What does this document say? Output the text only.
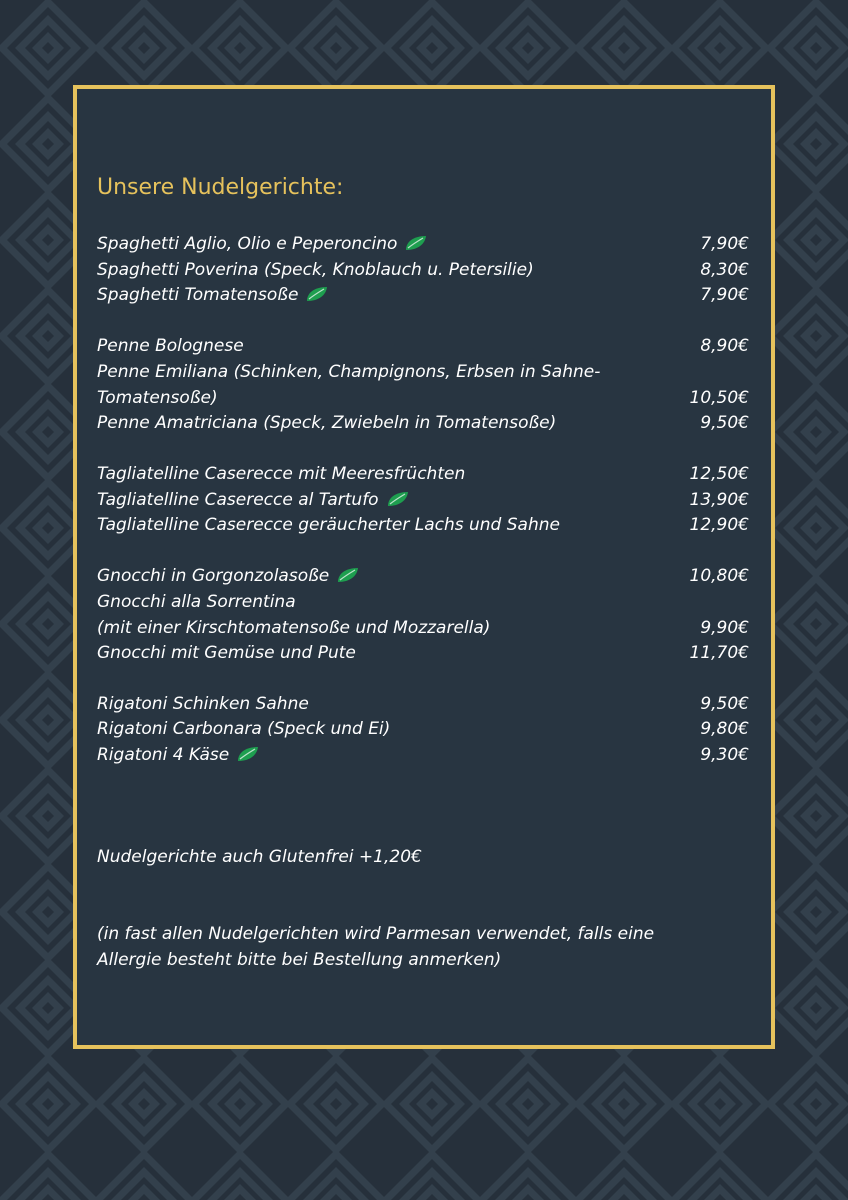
Unsere Nudelgerichte:
Spaghetti Aglio, Olio e Peperoncino	7,90€
Spaghetti Poverina (Speck, Knoblauch u. Petersilie)	8,30€
Spaghetti Tomatensoße	7,90€
Penne Bolognese	8,90€
Penne Emiliana (Schinken, Champignons, Erbsen in Sahne-
Tomatensoße)	10,50€
Penne Amatriciana (Speck, Zwiebeln in Tomatensoße)	9,50€
Tagliatelline Caserecce mit Meeresfrüchten	12,50€
Tagliatelline Caserecce al Tartufo	13,90€
Tagliatelline Caserecce geräucherter Lachs und Sahne	12,90€
Gnocchi in Gorgonzolasoße	10,80€
Gnocchi alla Sorrentina
(mit einer Kirschtomatensoße und Mozzarella)	9,90€
Gnocchi mit Gemüse und Pute	11,70€
Rigatoni Schinken Sahne	9,50€
Rigatoni Carbonara (Speck und Ei)	9,80€
Rigatoni 4 Käse	9,30€
Nudelgerichte auch Glutenfrei +1,20€
(in fast allen Nudelgerichten wird Parmesan verwendet, falls eine
Allergie besteht bitte bei Bestellung anmerken)
